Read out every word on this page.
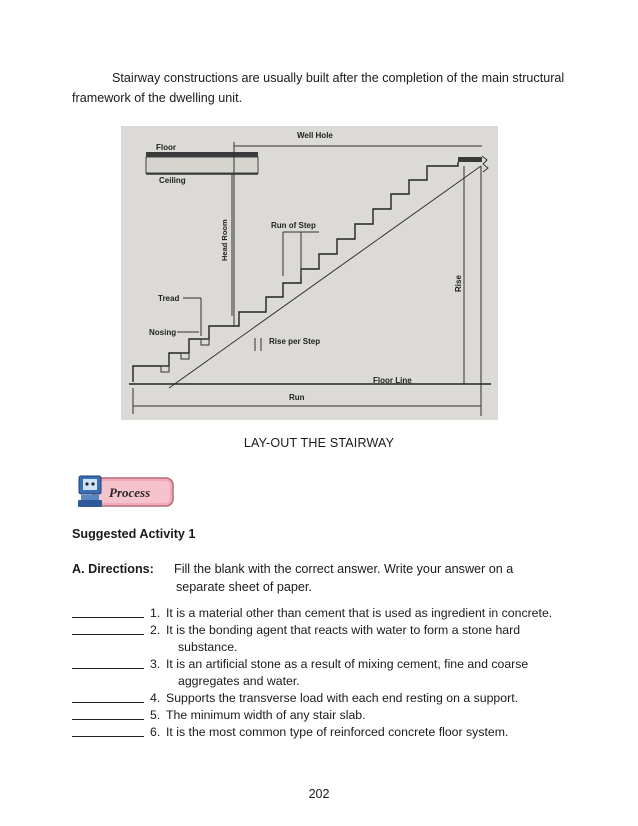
Stairway constructions are usually built after the completion of the main structural framework of the dwelling unit.

Well Hole
Floor
Ceiling
Head Room	Run of Step
Tread
Nosing
Rise per Step
Rise
Floor Line
Run
LAY-OUT THE STAIRWAY
Process
Suggested Activity 1
A. Directions: Fill the blank with the correct answer. Write your answer on a
separate sheet of paper.
1. It is a material other than cement that is used as ingredient in concrete.
2. It is the bonding agent that reacts with water to form a stone hard
substance.
3. It is an artificial stone as a result of mixing cement, fine and coarse
aggregates and water.
4. Supports the transverse load with each end resting on a support.
5. The minimum width of any stair slab.
6. It is the most common type of reinforced concrete floor system.
202
